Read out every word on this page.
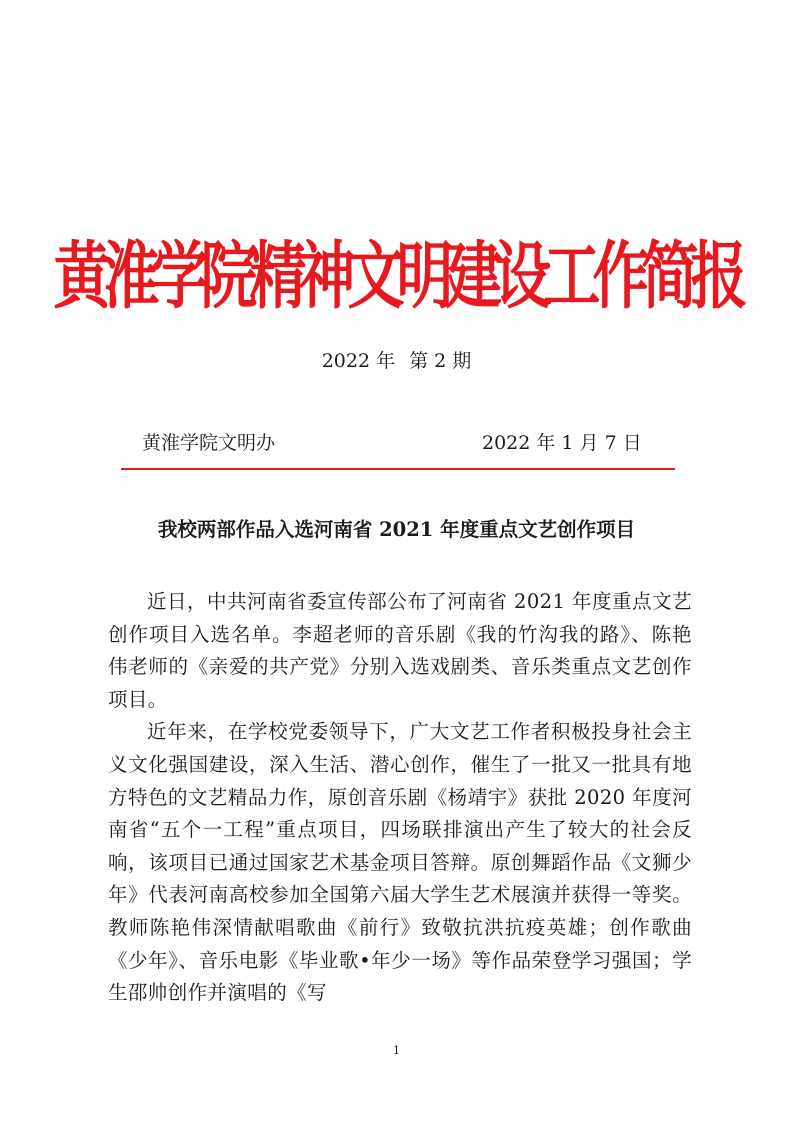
黄淮学院精神文明建设工作简报
2022 年 第 2 期
黄淮学院文明办	2022 年 1 月 7 日
我校两部作品入选河南省 2021 年度重点文艺创作项目

近日，中共河南省委宣传部公布了河南省 2021 年度重点文艺创作项目入选名单。李超老师的音乐剧《我的竹沟我的路》、陈艳伟老师的《亲爱的共产党》分别入选戏剧类、音乐类重点文艺创作项目。

近年来，在学校党委领导下，广大文艺工作者积极投身社会主义文化强国建设，深入生活、潜心创作，催生了一批又一批具有地方特色的文艺精品力作，原创音乐剧《杨靖宇》获批 2020 年度河南省“五个一工程”重点项目，四场联排演出产生了较大的社会反响，该项目已通过国家艺术基金项目答辩。原创舞蹈作品《文狮少年》代表河南高校参加全国第六届大学生艺术展演并获得一等奖。教师陈艳伟深情献唱歌曲《前行》致敬抗洪抗疫英雄；创作歌曲《少年》、音乐电影《毕业歌•年少一场》等作品荣登学习强国；学生邵帅创作并演唱的《写

1
